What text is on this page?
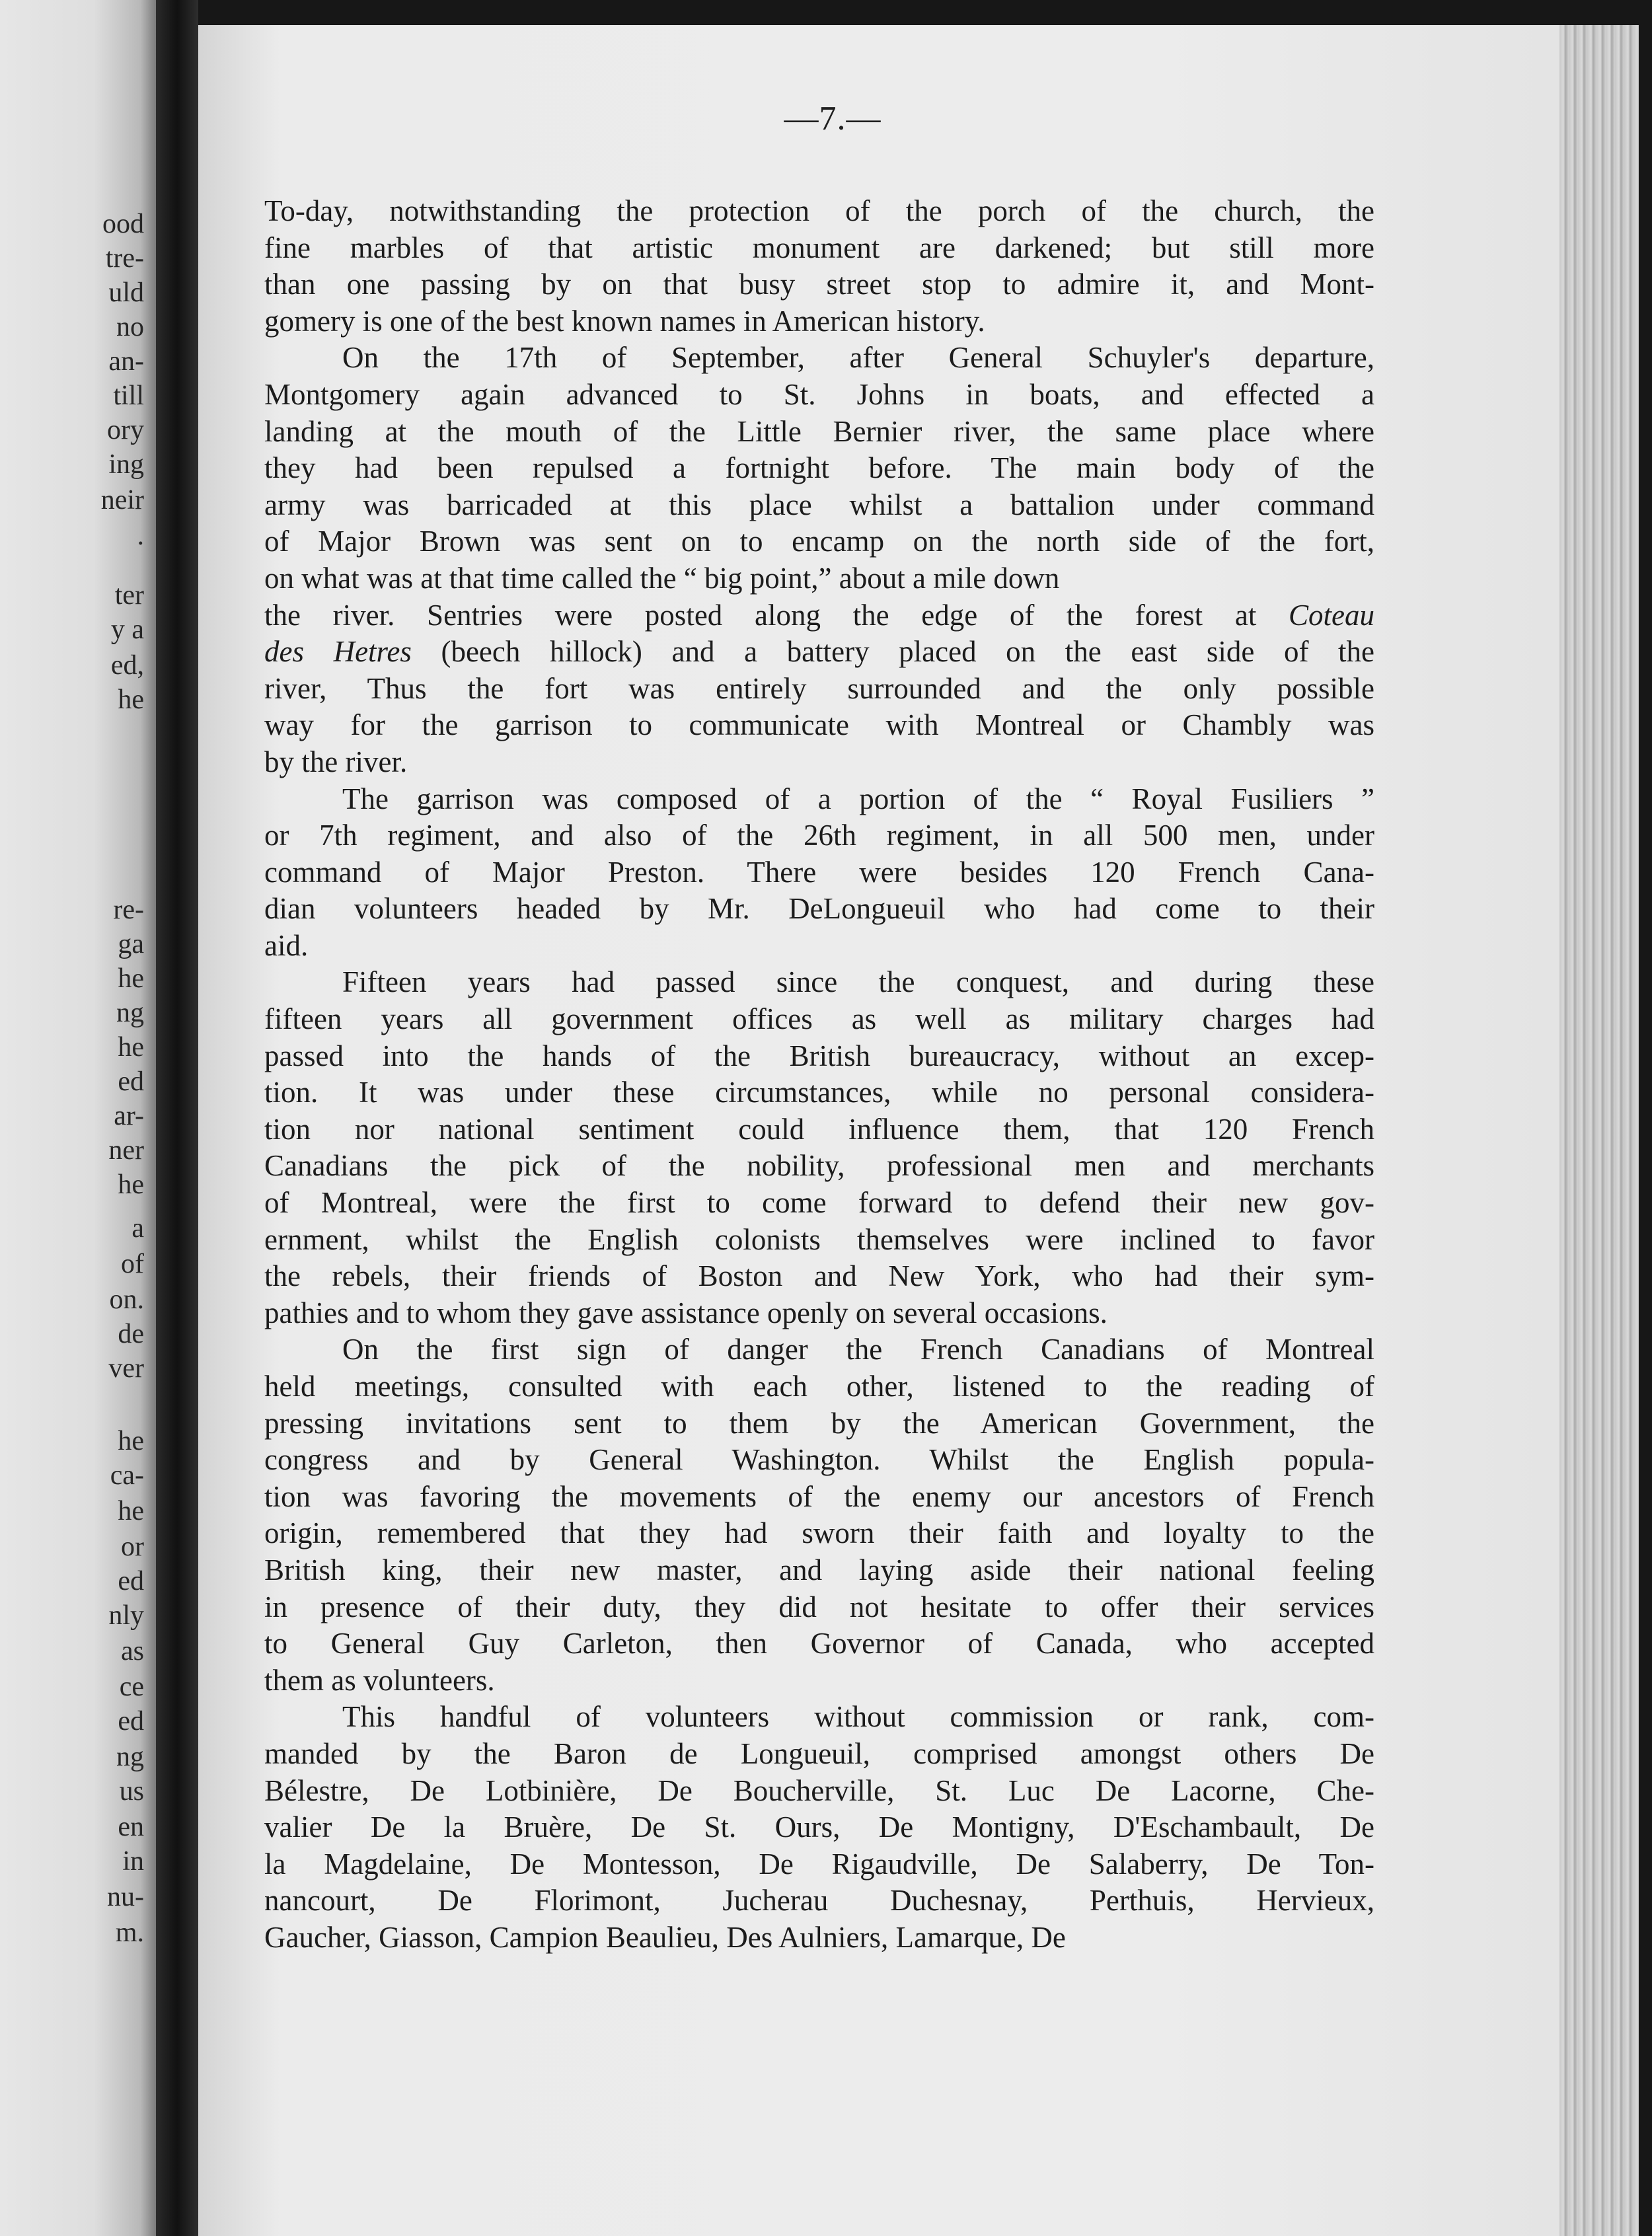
ood
tre-
uld
no
an-
till
ory
ing
neir
.
ter
y a
ed,
he
re-
ga
he
ng
he
ed
ar-
ner
he
a
of
on.
de
ver
he
ca-
he
or
ed
nly
as
ce
ed
ng
us
en
in
nu-
m.
—7.—
To-day, notwithstanding the protection of the porch of the church, the
fine marbles of that artistic monument are darkened; but still more
than one passing by on that busy street stop to admire it, and Mont-
gomery is one of the best known names in American history.
On the 17th of September, after General Schuyler's departure,
Montgomery again advanced to St. Johns in boats, and effected a
landing at the mouth of the Little Bernier river, the same place where
they had been repulsed a fortnight before. The main body of the
army was barricaded at this place whilst a battalion under command
of Major Brown was sent on to encamp on the north side of the fort,
on what was at that time called the “ big point,” about a mile down
the river. Sentries were posted along the edge of the forest at Coteau
des Hetres (beech hillock) and a battery placed on the east side of the
river, Thus the fort was entirely surrounded and the only possible
way for the garrison to communicate with Montreal or Chambly was
by the river.
The garrison was composed of a portion of the “ Royal Fusiliers ”
or 7th regiment, and also of the 26th regiment, in all 500 men, under
command of Major Preston. There were besides 120 French Cana-
dian volunteers headed by Mr. DeLongueuil who had come to their
aid.
Fifteen years had passed since the conquest, and during these
fifteen years all government offices as well as military charges had
passed into the hands of the British bureaucracy, without an excep-
tion. It was under these circumstances, while no personal considera-
tion nor national sentiment could influence them, that 120 French
Canadians the pick of the nobility, professional men and merchants
of Montreal, were the first to come forward to defend their new gov-
ernment, whilst the English colonists themselves were inclined to favor
the rebels, their friends of Boston and New York, who had their sym-
pathies and to whom they gave assistance openly on several occasions.
On the first sign of danger the French Canadians of Montreal
held meetings, consulted with each other, listened to the reading of
pressing invitations sent to them by the American Government, the
congress and by General Washington. Whilst the English popula-
tion was favoring the movements of the enemy our ancestors of French
origin, remembered that they had sworn their faith and loyalty to the
British king, their new master, and laying aside their national feeling
in presence of their duty, they did not hesitate to offer their services
to General Guy Carleton, then Governor of Canada, who accepted
them as volunteers.
This handful of volunteers without commission or rank, com-
manded by the Baron de Longueuil, comprised amongst others De
Bélestre, De Lotbinière, De Boucherville, St. Luc De Lacorne, Che-
valier De la Bruère, De St. Ours, De Montigny, D'Eschambault, De
la Magdelaine, De Montesson, De Rigaudville, De Salaberry, De Ton-
nancourt, De Florimont, Jucherau Duchesnay, Perthuis, Hervieux,
Gaucher, Giasson, Campion Beaulieu, Des Aulniers, Lamarque, De
